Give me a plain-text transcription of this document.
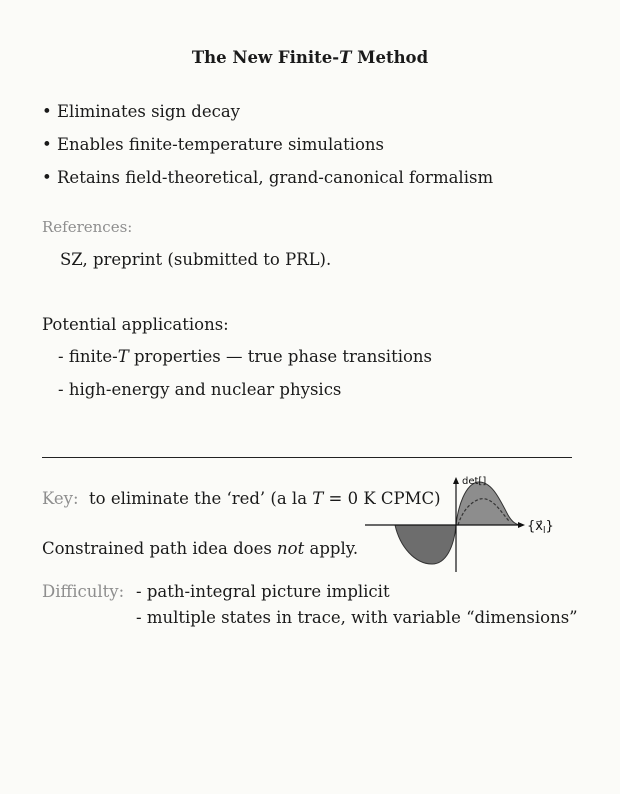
The New Finite-T Method
• Eliminates sign decay
• Enables finite-temperature simulations
• Retains field-theoretical, grand-canonical formalism
References:
SZ, preprint (submitted to PRL).
Potential applications:
- finite-T properties — true phase transitions
- high-energy and nuclear physics
Key: to eliminate the ‘red’ (a la T = 0 K CPMC)
Constrained path idea does not apply.
Difficulty: - path-integral picture implicit
- multiple states in trace, with variable “dimensions”
det[]
$\{x⃗_l\}$
